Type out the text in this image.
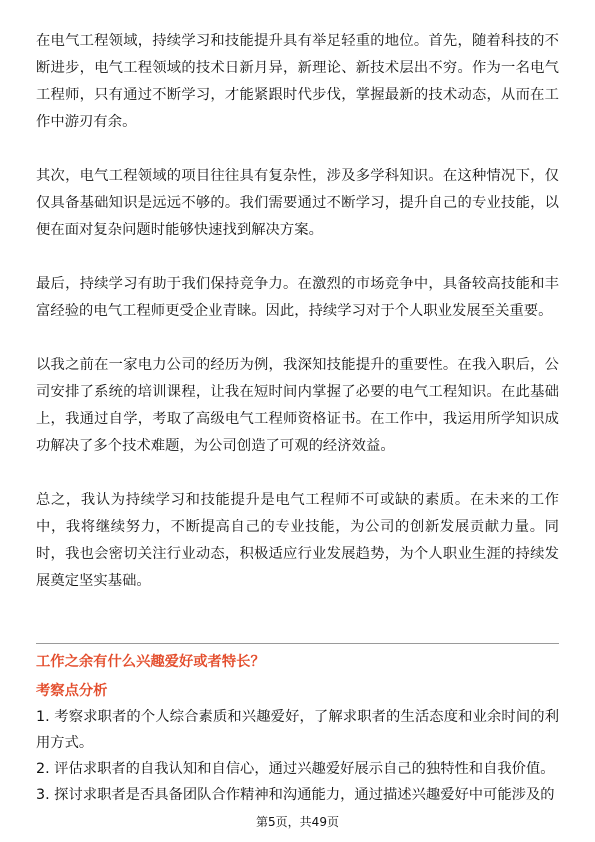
在电气工程领域，持续学习和技能提升具有举足轻重的地位。首先，随着科技的不断进步，电气工程领域的技术日新月异，新理论、新技术层出不穷。作为一名电气工程师，只有通过不断学习，才能紧跟时代步伐，掌握最新的技术动态，从而在工作中游刃有余。

其次，电气工程领域的项目往往具有复杂性，涉及多学科知识。在这种情况下，仅仅具备基础知识是远远不够的。我们需要通过不断学习，提升自己的专业技能，以便在面对复杂问题时能够快速找到解决方案。

最后，持续学习有助于我们保持竞争力。在激烈的市场竞争中，具备较高技能和丰富经验的电气工程师更受企业青睐。因此，持续学习对于个人职业发展至关重要。

以我之前在一家电力公司的经历为例，我深知技能提升的重要性。在我入职后，公司安排了系统的培训课程，让我在短时间内掌握了必要的电气工程知识。在此基础上，我通过自学，考取了高级电气工程师资格证书。在工作中，我运用所学知识成功解决了多个技术难题，为公司创造了可观的经济效益。

总之，我认为持续学习和技能提升是电气工程师不可或缺的素质。在未来的工作中，我将继续努力，不断提高自己的专业技能，为公司的创新发展贡献力量。同时，我也会密切关注行业动态，积极适应行业发展趋势，为个人职业生涯的持续发展奠定坚实基础。

工作之余有什么兴趣爱好或者特长？
考察点分析
1. 考察求职者的个人综合素质和兴趣爱好，了解求职者的生活态度和业余时间的利用方式。
2. 评估求职者的自我认知和自信心，通过兴趣爱好展示自己的独特性和自我价值。
3. 探讨求职者是否具备团队合作精神和沟通能力，通过描述兴趣爱好中可能涉及的
第5页，共49页
